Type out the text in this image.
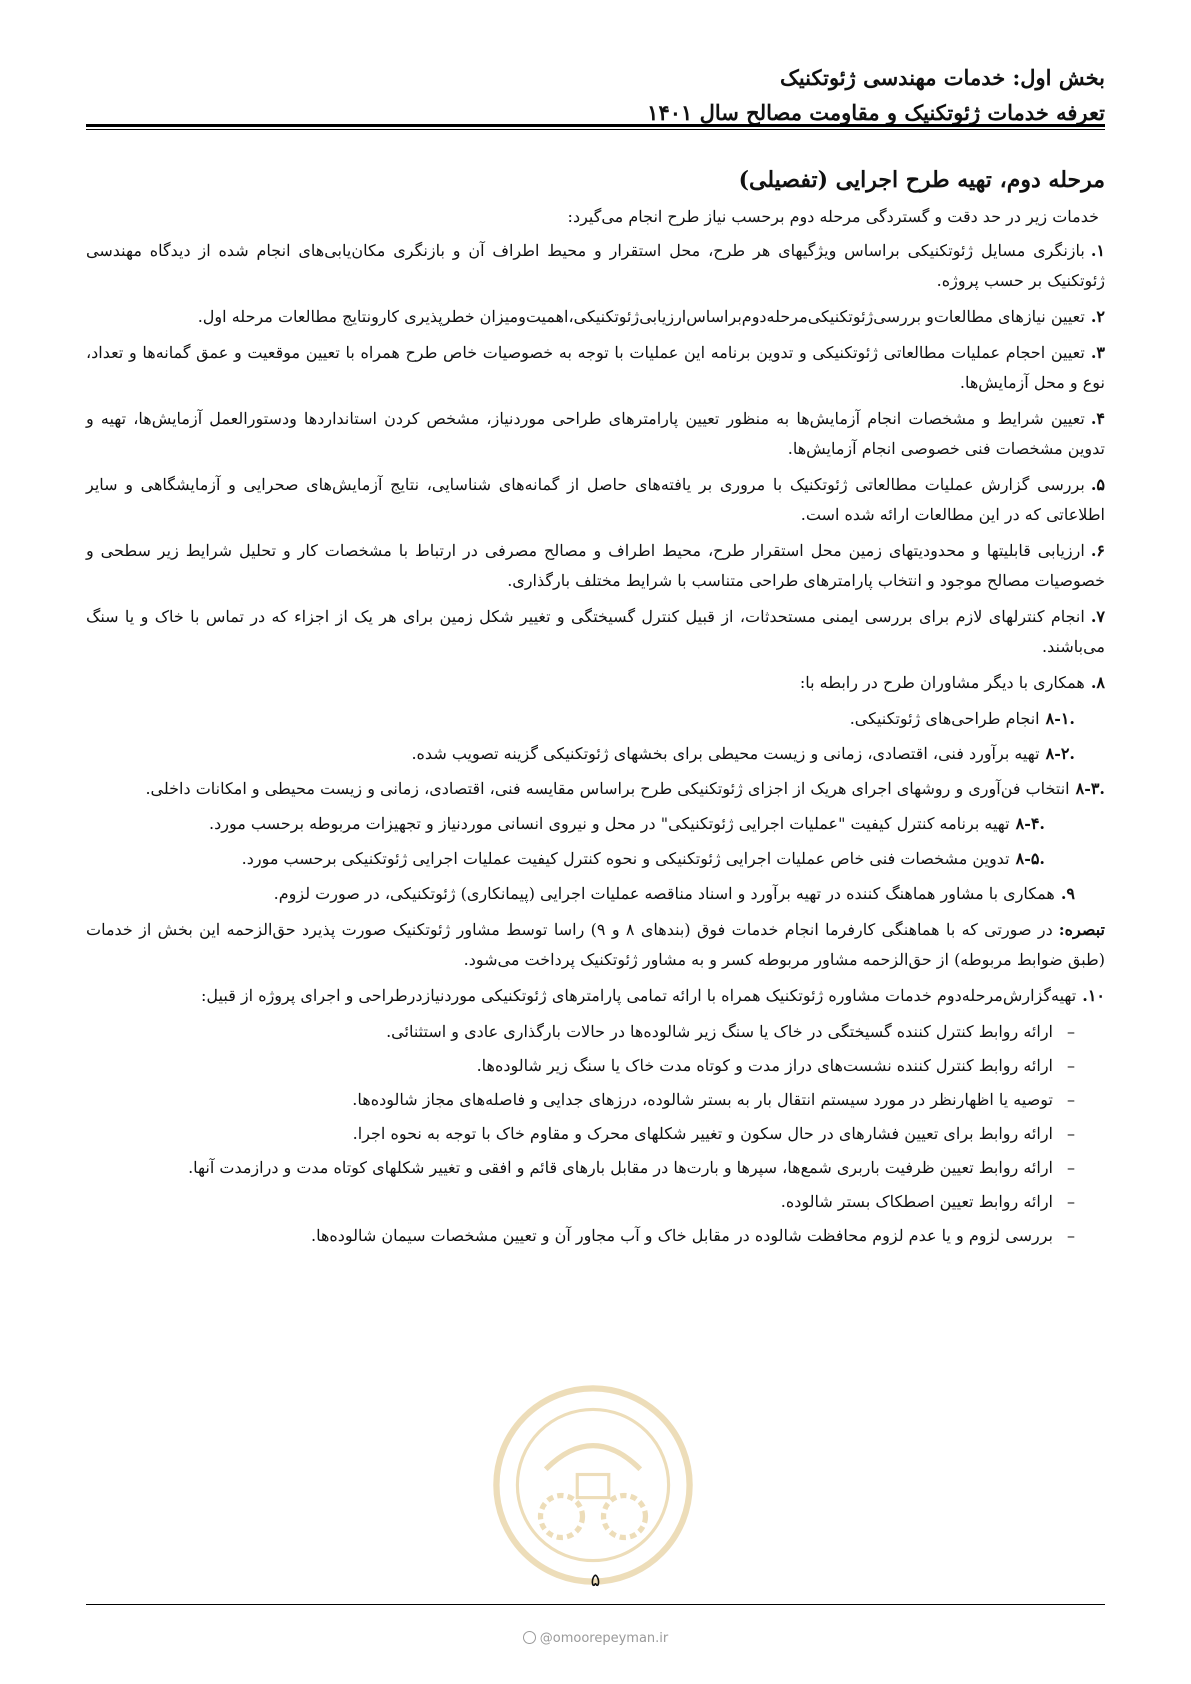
بخش اول: خدمات مهندسی ژئوتکنیک
تعرفه خدمات ژئوتکنیک و مقاومت مصالح سال ۱۴۰۱
مرحله دوم، تهیه طرح اجرایی (تفصیلی)

خدمات زیر در حد دقت و گستردگی مرحله دوم برحسب نیاز طرح انجام می‌گیرد:

۱.بازنگری مسایل ژئوتکنیکی براساس ویژگیهای هر طرح، محل استقرار و محیط اطراف آن و بازنگری مکان‌یابی‌های انجام شده از دیدگاه مهندسی ژئوتکنیک بر حسب پروژه.
۲.تعیین نیازهای مطالعات‌و بررسی‌ژئوتکنیکی‌مرحله‌دوم‌براساس‌ارزیابی‌ژئوتکنیکی،اهمیت‌ومیزان خطرپذیری کارونتایج مطالعات مرحله اول.
۳.تعیین احجام عملیات مطالعاتی ژئوتکنیکی و تدوین برنامه این عملیات با توجه به خصوصیات خاص طرح همراه با تعیین موقعیت و عمق گمانه‌ها و تعداد، نوع و محل آزمایش‌ها.
۴.تعیین شرایط و مشخصات انجام آزمایش‌ها به منظور تعیین پارامترهای طراحی موردنیاز، مشخص کردن استانداردها ودستورالعمل آزمایش‌ها، تهیه و تدوین مشخصات فنی خصوصی انجام آزمایش‌ها.
۵.بررسی گزارش عملیات مطالعاتی ژئوتکنیک با مروری بر یافته‌های حاصل از گمانه‌های شناسایی، نتایج آزمایش‌های صحرایی و آزمایشگاهی و سایر اطلاعاتی که در این مطالعات ارائه شده است.
۶.ارزیابی قابلیتها و محدودیتهای زمین محل استقرار طرح، محیط اطراف و مصالح مصرفی در ارتباط با مشخصات کار و تحلیل شرایط زیر سطحی و خصوصیات مصالح موجود و انتخاب پارامترهای طراحی متناسب با شرایط مختلف بارگذاری.
۷.انجام کنترلهای لازم برای بررسی ایمنی مستحدثات، از قبیل کنترل گسیختگی و تغییر شکل زمین برای هر یک از اجزاء که در تماس با خاک و یا سنگ می‌باشند.
۸.همکاری با دیگر مشاوران طرح در رابطه با:
۸-۱.انجام طراحی‌های ژئوتکنیکی.
۸-۲.تهیه برآورد فنی، اقتصادی، زمانی و زیست محیطی برای بخشهای ژئوتکنیکی گزینه تصویب شده.
۸-۳.انتخاب فن‌آوری و روشهای اجرای هریک از اجزای ژئوتکنیکی طرح براساس مقایسه فنی، اقتصادی، زمانی و زیست محیطی و امکانات داخلی.
۸-۴.تهیه برنامه کنترل کیفیت "عملیات اجرایی ژئوتکنیکی" در محل و نیروی انسانی موردنیاز و تجهیزات مربوطه برحسب مورد.
۸-۵.تدوین مشخصات فنی خاص عملیات اجرایی ژئوتکنیکی و نحوه کنترل کیفیت عملیات اجرایی ژئوتکنیکی برحسب مورد.
۹.همکاری با مشاور هماهنگ کننده در تهیه برآورد و اسناد مناقصه عملیات اجرایی (پیمانکاری) ژئوتکنیکی، در صورت لزوم.
تبصره:در صورتی که با هماهنگی کارفرما انجام خدمات فوق (بندهای ۸ و ۹) راسا توسط مشاور ژئوتکنیک صورت پذیرد حق‌الزحمه این بخش از خدمات (طبق ضوابط مربوطه) از حق‌الزحمه مشاور مربوطه کسر و به مشاور ژئوتکنیک پرداخت می‌شود.
۱۰.تهیه‌گزارش‌مرحله‌دوم خدمات مشاوره ژئوتکنیک همراه با ارائه تمامی پارامترهای ژئوتکنیکی موردنیازدرطراحی و اجرای پروژه از قبیل:
–
ارائه روابط کنترل کننده گسیختگی در خاک یا سنگ زیر شالوده‌ها در حالات بارگذاری عادی و استثنائی.
–
ارائه روابط کنترل کننده نشست‌های دراز مدت و کوتاه مدت خاک یا سنگ زیر شالوده‌ها.
–
توصیه یا اظهارنظر در مورد سیستم انتقال بار به بستر شالوده، درزهای جدایی و فاصله‌های مجاز شالوده‌ها.
–
ارائه روابط برای تعیین فشارهای در حال سکون و تغییر شکلهای محرک و مقاوم خاک با توجه به نحوه اجرا.
–
ارائه روابط تعیین ظرفیت باربری شمع‌ها، سپرها و بارت‌ها در مقابل بارهای قائم و افقی و تغییر شکلهای کوتاه مدت و درازمدت آنها.
–
ارائه روابط تعیین اصطکاک بستر شالوده.
–
بررسی لزوم و یا عدم لزوم محافظت شالوده در مقابل خاک و آب مجاور آن و تعیین مشخصات سیمان شالوده‌ها.
۵
@omoorepeyman.ir
